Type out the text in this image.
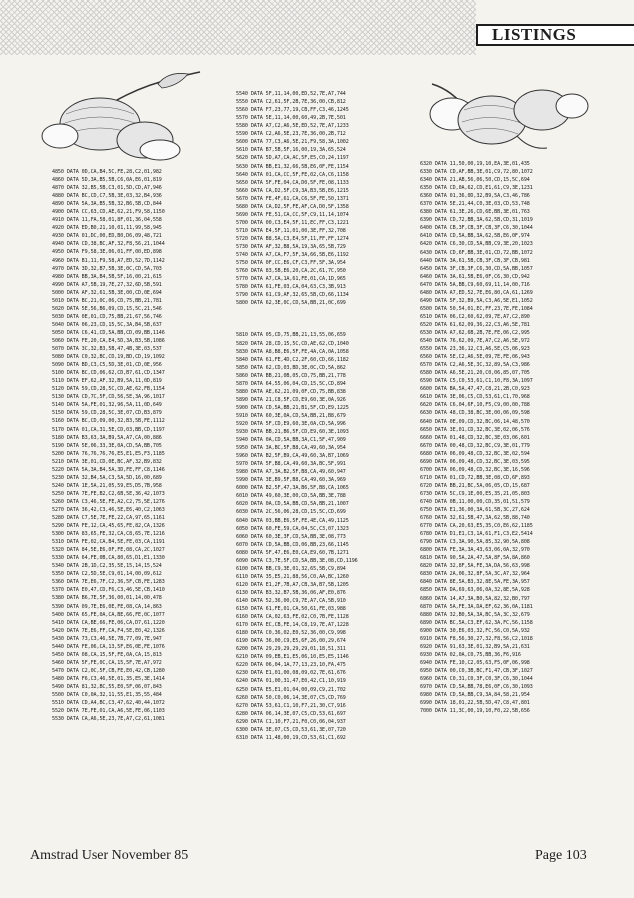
LISTINGS
4850 DATA 0D,CA,B4,5C,FE,28,C2,01,982
4860 DATA 5D,3A,B5,5B,C6,0A,E6,01,819
4870 DATA 32,B5,5B,C3,01,5D,CD,A7,946
4880 DATA BC,CD,C7,5B,3E,03,32,B4,936
4890 DATA 5A,3A,B5,5B,32,B6,5B,CD,844
4900 DATA CC,63,CD,AE,62,21,F9,58,1150
4910 DATA 11,FA,58,01,8F,01,36,04,558
4920 DATA ED,B0,21,10,01,11,99,58,945
4930 DATA 01,DC,00,ED,B0,D6,09,48,721
4940 DATA CD,38,BC,AF,32,F8,56,21,1044
4950 DATA F9,58,3E,06,01,FF,00,ED,898
4960 DATA B1,11,F9,58,A7,ED,52,7D,1142
4970 DATA 3D,32,B7,5B,3E,0C,CD,5A,703
4980 DATA BB,3A,B4,5B,5F,16,00,21,615
4990 DATA A7,5B,19,7E,27,32,6D,5B,591
5000 DATA AF,32,61,5B,3E,00,CD,0E,694
5010 DATA BC,21,0C,06,CD,75,BB,21,781
5020 DATA 5E,56,B6,09,CD,15,5C,21,546
5030 DATA 0E,01,CD,75,BB,21,67,56,746
5040 DATA 06,23,CD,15,5C,3A,B4,5B,637
5050 DATA C6,41,CD,5A,BB,CD,09,BB,1146
5060 DATA FE,20,CA,E4,5D,3A,B3,5B,1086
5070 DATA 3C,32,B3,5B,47,4B,3E,03,537
5080 DATA C0,32,BC,CD,19,BD,CD,19,1092
5090 DATA BD,C3,C5,5D,3E,01,CD,0E,956
5100 DATA BC,CD,06,62,CD,B7,61,CD,1347
5110 DATA EF,62,AF,32,B9,5A,11,0D,819
5120 DATA 59,CD,28,5C,CD,AE,62,FB,1154
5130 DATA CD,7C,5F,CD,56,5E,3A,96,1017
5140 DATA 5A,FE,01,32,96,5A,11,0D,649
5150 DATA 59,CD,28,5C,3E,07,CD,B3,879
5160 DATA BC,CD,09,00,32,B3,5B,FE,1112
5170 DATA 01,CA,31,5E,CD,03,BB,CD,1197
5180 DATA B3,63,3A,B9,5A,A7,CA,00,886
5190 DATA 5E,06,33,3E,0A,CD,5A,BB,705
5200 DATA 76,76,76,76,E5,E1,E5,F3,1185
5210 DATA 3E,01,CD,0E,BC,AF,32,B9,832
5220 DATA 5A,3A,B4,5A,3D,FE,FF,C8,1146
5230 DATA 32,B4,5A,C3,5A,5D,16,00,689
5240 DATA 1E,5A,21,05,59,E5,D5,7B,958
5250 DATA 7E,FE,B2,C2,6B,5E,36,42,1073
5260 DATA C3,46,5E,FE,A2,C2,75,5E,1276
5270 DATA 36,42,C3,46,5E,E6,40,C2,1063
5280 DATA C7,5E,7E,FE,22,CA,97,65,1161
5290 DATA FE,12,CA,45,65,FE,82,CA,1326
5300 DATA 83,65,FE,32,CA,C8,65,7E,1216
5310 DATA FE,02,CA,B4,5E,FE,03,CA,1191
5320 DATA 84,5E,E6,0F,FE,08,CA,2C,1027
5330 DATA 64,FE,0B,CA,80,65,D1,E1,1330
5340 DATA 2B,1D,C2,35,5E,15,14,15,524
5350 DATA C2,5D,5E,C9,01,14,00,09,612
5360 DATA 7E,E6,7F,C2,36,5F,CB,FE,1283
5370 DATA E0,47,CD,F6,C3,46,5E,CB,1410
5380 DATA B6,7E,5F,36,00,01,14,00,478
5390 DATA 09,7E,E6,0E,FE,08,CA,14,863
5400 DATA 65,FE,0A,CA,BE,66,FE,0C,1077
5410 DATA CA,BE,66,FE,06,CA,D7,61,1220
5420 DATA 7E,E6,FF,CA,F4,5E,E0,42,1326
5430 DATA 73,C3,46,5E,7B,77,09,7E,947
5440 DATA FE,06,CA,13,5F,E6,0E,FE,1076
5450 DATA 08,CA,15,5F,FE,0A,CA,15,813
5460 DATA 5F,FE,0C,CA,15,5F,7E,A7,972
5470 DATA C2,0C,5F,CB,FE,E0,42,CB,1280
5480 DATA F6,C3,46,5E,01,35,E5,3E,1414
5490 DATA 81,32,BC,55,E0,5F,06,07,843
5500 DATA C0,0A,32,11,55,E1,35,55,484
5510 DATA CD,A4,BC,C3,47,62,40,44,1072
5520 DATA 7E,FE,01,CA,A6,5E,FE,06,1103
5530 DATA CA,A6,5E,23,7E,A7,C2,61,1081

5540 DATA 5F,11,14,00,ED,52,7E,A7,744
5550 DATA C2,61,5F,2B,7E,36,00,CB,812
5560 DATA F7,23,77,19,CB,FF,C3,46,1245
5570 DATA 5E,11,14,00,60,49,2B,7E,501
5580 DATA A7,C2,A6,5E,ED,52,7E,A7,1233
5590 DATA C2,A6,5E,23,7E,36,00,2B,712
5600 DATA 77,C3,A6,5E,21,F9,58,3A,1002
5610 DATA B7,5B,5F,16,00,19,3A,65,524
5620 DATA 5D,A7,CA,AC,5F,E5,C0,24,1197
5630 DATA BB,E1,32,66,5B,E6,0F,FE,1154
5640 DATA 01,CA,CC,5F,FE,02,CA,C6,1158
5650 DATA 5F,FE,04,CA,D0,5F,FE,08,1133
5660 DATA CA,D2,5F,C9,3A,B3,5B,E6,1215
5670 DATA FE,4F,61,CA,C6,5F,FE,50,1371
5680 DATA CA,D2,5F,FE,AF,CA,D0,5F,1358
5690 DATA FE,51,CA,CC,5F,C9,11,14,1074
5700 DATA 00,C3,E4,5F,11,EC,FF,C3,1221
5710 DATA E4,5F,11,01,00,3E,FF,32,708
5720 DATA B8,5A,C3,E4,5F,11,FF,FF,1274
5730 DATA AF,32,B8,5A,19,3A,65,5B,729
5740 DATA A7,CA,F7,5F,3A,66,5B,E6,1192
5750 DATA 0F,CC,E6,CF,C3,FF,5F,3A,954
5760 DATA 83,5B,E6,20,CA,2C,61,7C,950
5770 DATA A7,CA,1A,61,FE,01,CA,1D,965
5780 DATA 61,FE,03,CA,04,63,C3,3B,913
5790 DATA 61,C9,AF,32,65,5B,CD,66,1134
5800 DATA 62,3E,0C,CD,5A,BB,21,0C,699

5810 DATA 05,CD,75,BB,21,13,55,06,659
5820 DATA 28,CD,15,5C,CD,AE,62,CD,1040
5830 DATA A8,B8,E6,5F,FE,4A,CA,0A,1058
5840 DATA 61,FE,4D,C2,2F,60,CD,66,1182
5850 DATA 62,CD,03,BD,3E,0C,CD,5A,862
5860 DATA BB,21,0B,05,CD,75,BB,21,778
5870 DATA 64,55,06,04,CD,15,5C,CD,894
5880 DATA AE,62,21,09,0F,CD,75,BB,838
5890 DATA 21,C8,5F,CD,E9,60,3E,0A,926
5900 DATA CD,5A,BB,21,B1,5F,CD,E9,1225
5910 DATA 60,3E,0A,CD,5A,BB,21,B8,679
5920 DATA 5F,CD,E9,60,3E,0A,CD,5A,996
5930 DATA BB,21,B6,5F,CD,E9,60,3E,1093
5940 DATA 0A,CD,5A,BB,3A,C1,5F,47,909
5950 DATA 3A,BC,5F,B8,CA,49,60,3A,954
5960 DATA B2,5F,B9,CA,49,60,3A,B7,1069
5970 DATA 5F,B8,CA,49,60,3A,BC,5F,991
5980 DATA A7,3A,B2,5F,B8,CA,49,60,947
5990 DATA 3E,B9,5F,B8,CA,49,60,3A,969
6000 DATA B2,5F,47,3A,B6,5F,B8,CA,1065
6010 DATA 49,60,3E,00,CD,5A,BB,3E,788
6020 DATA 0A,CD,5A,BB,CD,5A,BB,21,1007
6030 DATA 2C,56,06,28,CD,15,5C,CD,699
6040 DATA 03,BB,E6,5F,FE,4E,CA,49,1125
6050 DATA 60,FE,59,CA,04,5C,C3,07,1323
6060 DATA 60,3E,3F,CD,5A,BB,3E,08,773
6070 DATA CD,5A,BB,CD,06,BB,23,66,1145
6080 DATA 5F,47,E6,E0,CA,E9,60,7B,1271
6090 DATA C3,7E,5F,CD,5A,BB,3E,08,CD,1196
6100 DATA BB,C9,3E,01,32,65,5B,C9,894
6110 DATA 35,E5,21,88,56,C0,AA,BC,1260
6120 DATA E1,2F,7B,A7,CB,3A,B7,5B,1205
6130 DATA B3,32,B7,5B,36,06,AF,E0,876
6140 DATA 52,36,00,C9,7E,A7,CA,5B,910
6150 DATA 61,FE,01,CA,50,61,FE,03,988
6160 DATA CA,02,63,FE,02,C0,7B,FE,1128
6170 DATA EC,CB,FE,14,C8,19,7E,A7,1228
6180 DATA C0,36,02,E0,52,36,00,C9,998
6190 DATA 36,00,C9,E5,6F,26,00,29,674
6200 DATA 29,29,29,29,29,01,18,51,311
6210 DATA 09,EB,E1,E5,06,10,E5,E5,1146
6220 DATA 06,04,1A,77,13,23,10,FA,475
6230 DATA E1,01,00,08,09,02,7E,61,676
6240 DATA 01,00,31,47,E0,42,C1,10,919
6250 DATA E5,E1,01,04,00,09,C9,21,702
6260 DATA 50,C0,06,14,3E,07,C5,CD,769
6270 DATA 53,61,C1,10,F7,21,30,C7,916
6280 DATA 06,14,3E,07,C5,CD,53,61,697
6290 DATA C1,10,F7,21,F0,C0,06,04,937
6300 DATA 3E,07,C5,CD,53,61,3E,07,720
6310 DATA 11,48,00,19,CD,53,61,C1,692

6320 DATA 11,50,00,19,10,EA,3E,01,435
6330 DATA CD,AF,BB,3E,01,C9,72,80,1072
6340 DATA 21,AB,56,06,50,CD,15,5C,694
6350 DATA CD,0A,62,CD,E1,61,C9,3E,1231
6360 DATA 01,36,0D,32,B9,5A,C3,46,786
6370 DATA 5E,21,44,C0,3E,03,CD,53,748
6380 DATA 61,3E,26,CD,6E,BB,3E,01,763
6390 DATA CD,72,BB,3A,62,5B,CD,31,1019
6400 DATA CB,3F,CB,3F,CB,3F,C6,30,1044
6410 DATA CD,5A,BB,3A,62,5B,E6,0F,974
6420 DATA C6,30,CD,5A,BB,C9,3E,20,1023
6430 DATA CD,6F,BB,3E,01,CD,72,BB,1072
6440 DATA 3A,61,5B,CB,3F,CB,3F,CB,981
6450 DATA 3F,CB,3F,C6,30,CD,5A,BB,1057
6460 DATA 3A,61,5B,E6,0F,C6,30,CD,942
6470 DATA 5A,BB,C9,60,69,11,14,00,716
6480 DATA A7,ED,52,7E,E6,80,CA,61,1269
6490 DATA 5F,32,B9,5A,C3,A6,5E,E1,1052
6500 DATA 50,54,01,EC,FF,23,7E,FE,1084
6510 DATA 06,C2,60,62,09,7E,A7,C2,890
6520 DATA 61,62,09,36,22,C3,A6,5E,781
6530 DATA A7,62,6B,2B,7E,FE,06,C2,995
6540 DATA 76,62,09,7E,A7,C2,A6,5E,972
6550 DATA 23,36,12,C3,A6,5E,C5,06,923
6560 DATA 5E,C2,A6,5E,09,7E,FE,06,943
6570 DATA C2,A6,5E,3C,32,89,5A,C3,986
6580 DATA A6,5E,21,20,C0,06,85,07,705
6590 DATA C5,C0,53,61,C1,10,F8,3A,1097
6600 DATA BA,5A,47,47,C8,21,2B,C0,923
6610 DATA 3E,06,C5,CD,53,61,C1,70,968
6620 DATA C6,04,6F,10,F5,C9,00,00,788
6630 DATA 48,CD,38,BC,3E,00,06,09,598
6640 DATA 0E,09,CD,32,BC,06,14,48,570
6650 DATA 3E,01,CD,32,BC,3E,02,06,576
6660 DATA 01,48,CD,32,BC,3E,03,06,601
6670 DATA 00,48,CD,32,BC,C9,3E,01,779
6680 DATA 06,09,48,CD,32,BC,3E,02,594
6690 DATA 06,09,48,CD,32,BC,3E,03,595
6700 DATA 06,09,48,CD,32,BC,3E,16,596
6710 DATA 01,CD,72,BB,3E,08,CD,6F,893
6720 DATA BB,21,BC,5A,06,05,CD,15,687
6730 DATA 5C,C9,1E,00,E5,35,21,05,803
6740 DATA 0B,11,00,00,CD,35,01,51,579
6750 DATA E1,36,00,3A,61,5B,3C,27,624
6760 DATA 32,61,5B,47,3A,62,5B,88,740
6770 DATA CA,20,63,E5,35,C0,E6,62,1185
6780 DATA D1,E1,C3,1A,61,F1,C3,E2,5414
6790 DATA C3,3A,90,5A,85,32,90,5A,808
6800 DATA FE,3A,3A,43,63,06,0A,32,970
6810 DATA 90,5A,2A,47,5A,8F,5A,8A,860
6820 DATA 32,8F,5A,FE,3A,DA,56,63,998
6830 DATA 2A,06,32,8F,5A,3C,A7,32,964
6840 DATA 8E,5A,B3,32,8E,5A,FE,3A,957
6850 DATA DA,69,63,06,0A,32,8E,5A,928
6860 DATA 14,A7,3A,B0,5A,82,32,B0,797
6870 DATA 5A,FE,3A,DA,EF,62,36,0A,1181
6880 DATA 32,B0,5A,3A,BC,5A,3C,32,679
6890 DATA BC,5A,C3,EF,62,3A,FC,56,1158
6900 DATA 30,E6,03,32,FC,56,C0,5A,932
6910 DATA F8,56,30,27,32,F8,56,C2,1018
6920 DATA 91,63,3E,01,32,B9,5A,21,631
6930 DATA 02,0A,C0,75,BB,36,F6,916
6940 DATA FE,10,C2,05,63,F5,0F,06,998
6950 DATA 00,C0,3B,BC,F1,47,CB,3F,1027
6960 DATA C0,31,C0,3F,C0,3F,C6,30,1044
6970 DATA CD,5A,BB,78,E6,0F,C6,30,1093
6980 DATA CD,5A,BB,C9,3A,84,58,21,954
6990 DATA 18,01,22,5B,5D,47,C8,47,801
7000 DATA 11,3C,00,19,10,F0,22,5B,656
Amstrad User November 85	Page 103
